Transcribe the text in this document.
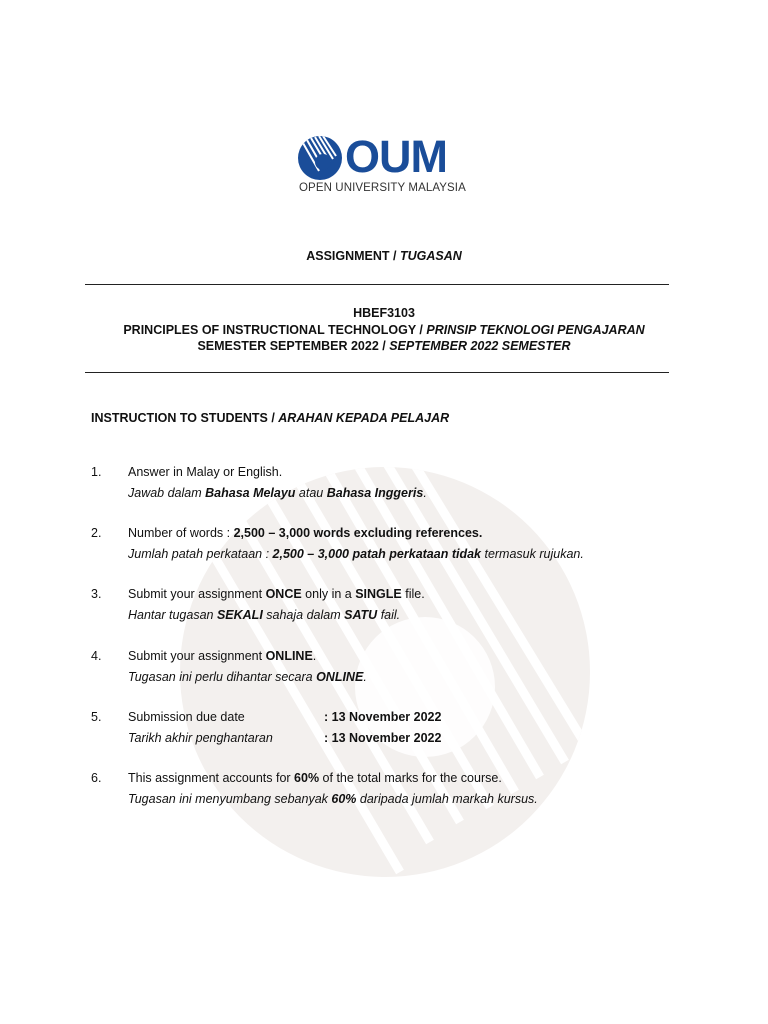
OUM
OPEN UNIVERSITY MALAYSIA
ASSIGNMENT / TUGASAN
HBEF3103
PRINCIPLES OF INSTRUCTIONAL TECHNOLOGY / PRINSIP TEKNOLOGI PENGAJARAN
SEMESTER SEPTEMBER 2022 / SEPTEMBER 2022 SEMESTER
INSTRUCTION TO STUDENTS / ARAHAN KEPADA PELAJAR
1. Answer in Malay or English.
Jawab dalam Bahasa Melayu atau Bahasa Inggeris.
2. Number of words : 2,500 – 3,000 words excluding references.
Jumlah patah perkataan : 2,500 – 3,000 patah perkataan tidak termasuk rujukan.
3. Submit your assignment ONCE only in a SINGLE file.
Hantar tugasan SEKALI sahaja dalam SATU fail.
4. Submit your assignment ONLINE.
Tugasan ini perlu dihantar secara ONLINE.
5. Submission due date	: 13 November 2022
Tarikh akhir penghantaran	: 13 November 2022
6. This assignment accounts for 60% of the total marks for the course.
Tugasan ini menyumbang sebanyak 60% daripada jumlah markah kursus.
